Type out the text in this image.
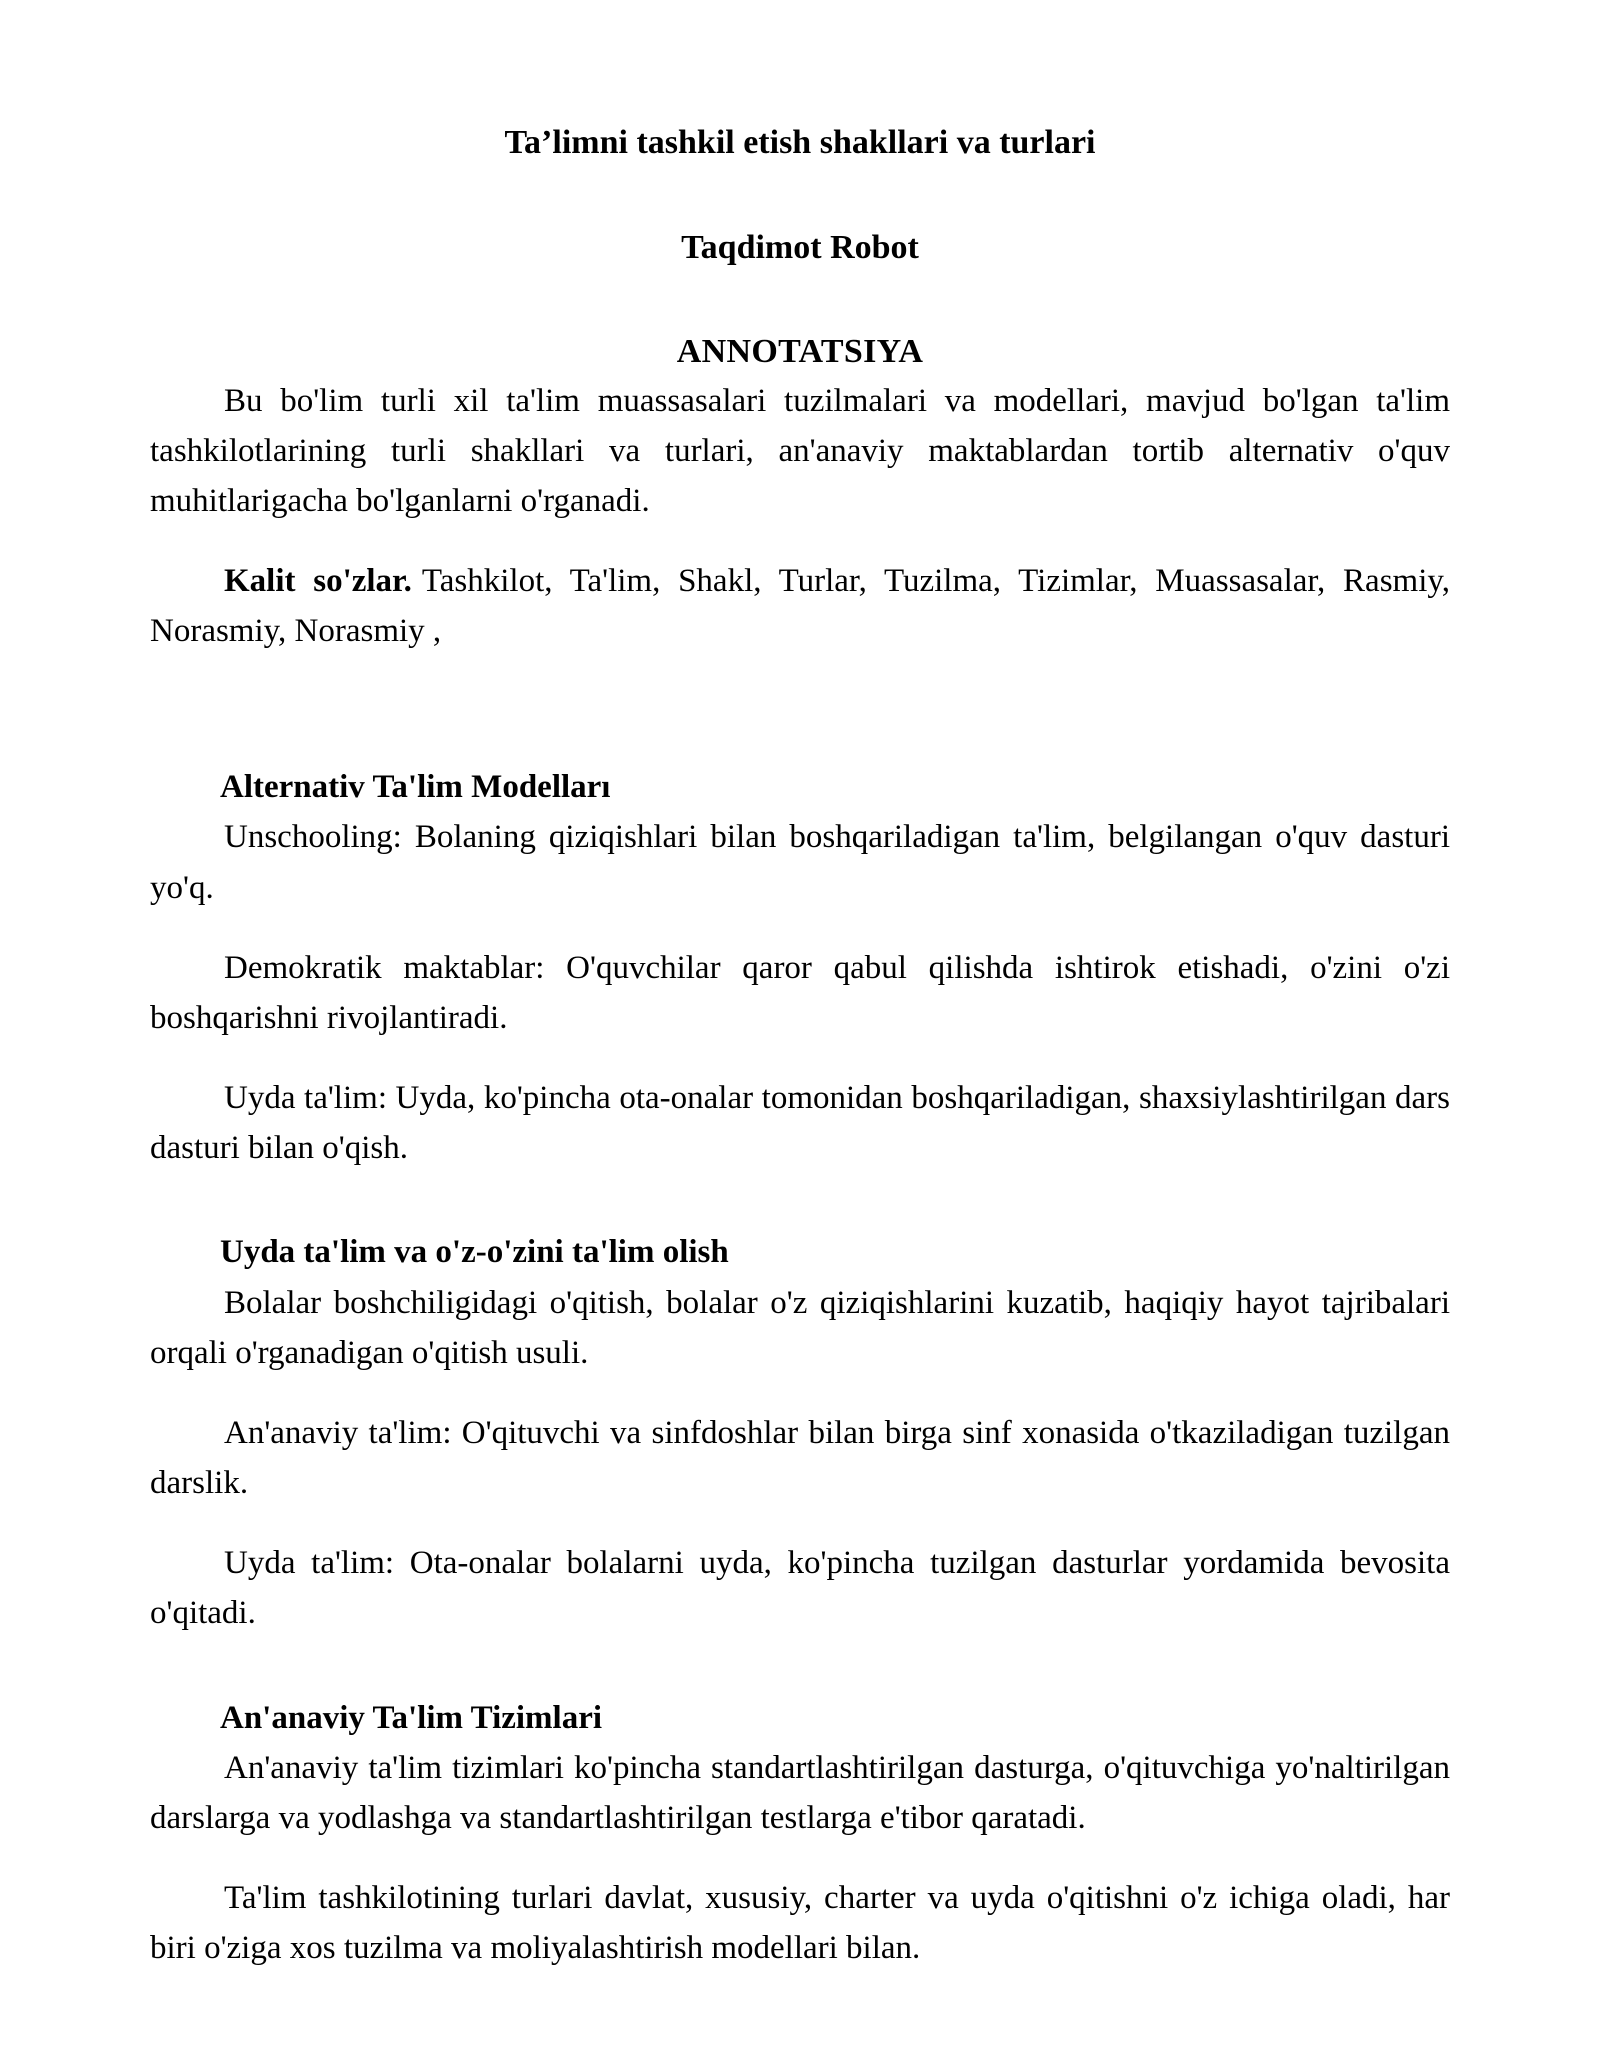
Ta’limni tashkil etish shakllari va turlari
Taqdimot Robot
ANNOTATSIYA

Bu bo'lim turli xil ta'lim muassasalari tuzilmalari va modellari, mavjud bo'lgan ta'lim tashkilotlarining turli shakllari va turlari, an'anaviy maktablardan tortib alternativ o'quv muhitlarigacha bo'lganlarni o'rganadi.

Kalit so'zlar. Tashkilot, Ta'lim, Shakl, Turlar, Tuzilma, Tizimlar, Muassasalar, Rasmiy, Norasmiy, Norasmiy ,

Alternativ Ta'lim Modelları

Unschooling: Bolaning qiziqishlari bilan boshqariladigan ta'lim, belgilangan o'quv dasturi yo'q.

Demokratik maktablar: O'quvchilar qaror qabul qilishda ishtirok etishadi, o'zini o'zi boshqarishni rivojlantiradi.

Uyda ta'lim: Uyda, ko'pincha ota-onalar tomonidan boshqariladigan, shaxsiylashtirilgan dars dasturi bilan o'qish.

Uyda ta'lim va o'z-o'zini ta'lim olish

Bolalar boshchiligidagi o'qitish, bolalar o'z qiziqishlarini kuzatib, haqiqiy hayot tajribalari orqali o'rganadigan o'qitish usuli.

An'anaviy ta'lim: O'qituvchi va sinfdoshlar bilan birga sinf xonasida o'tkaziladigan tuzilgan darslik.

Uyda ta'lim: Ota-onalar bolalarni uyda, ko'pincha tuzilgan dasturlar yordamida bevosita o'qitadi.

An'anaviy Ta'lim Tizimlari

An'anaviy ta'lim tizimlari ko'pincha standartlashtirilgan dasturga, o'qituvchiga yo'naltirilgan darslarga va yodlashga va standartlashtirilgan testlarga e'tibor qaratadi.

Ta'lim tashkilotining turlari davlat, xususiy, charter va uyda o'qitishni o'z ichiga oladi, har biri o'ziga xos tuzilma va moliyalashtirish modellari bilan.
